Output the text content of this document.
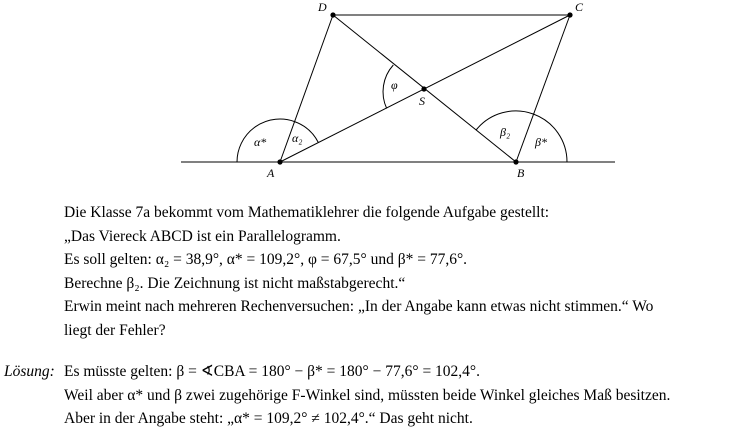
A	B
C
D
S
α* α₂
φ
β₂
β*

Die Klasse 7a bekommt vom Mathematiklehrer die folgende Aufgabe gestellt:

„Das Viereck ABCD ist ein Parallelogramm.

Es soll gelten: α₂ = 38,9°, α* = 109,2°, φ = 67,5° und β* = 77,6°.

Berechne β₂. Die Zeichnung ist nicht maßstabgerecht.“

Erwin meint nach mehreren Rechenversuchen: „In der Angabe kann etwas nicht stimmen.“ Wo

liegt der Fehler?

Lösung: Es müsste gelten: β = ∢CBA = 180° − β* = 180° − 77,6° = 102,4°.

Weil aber α* und β zwei zugehörige F-Winkel sind, müssten beide Winkel gleiches Maß besitzen.

Aber in der Angabe steht: „α* = 109,2° ≠ 102,4°.“ Das geht nicht.
